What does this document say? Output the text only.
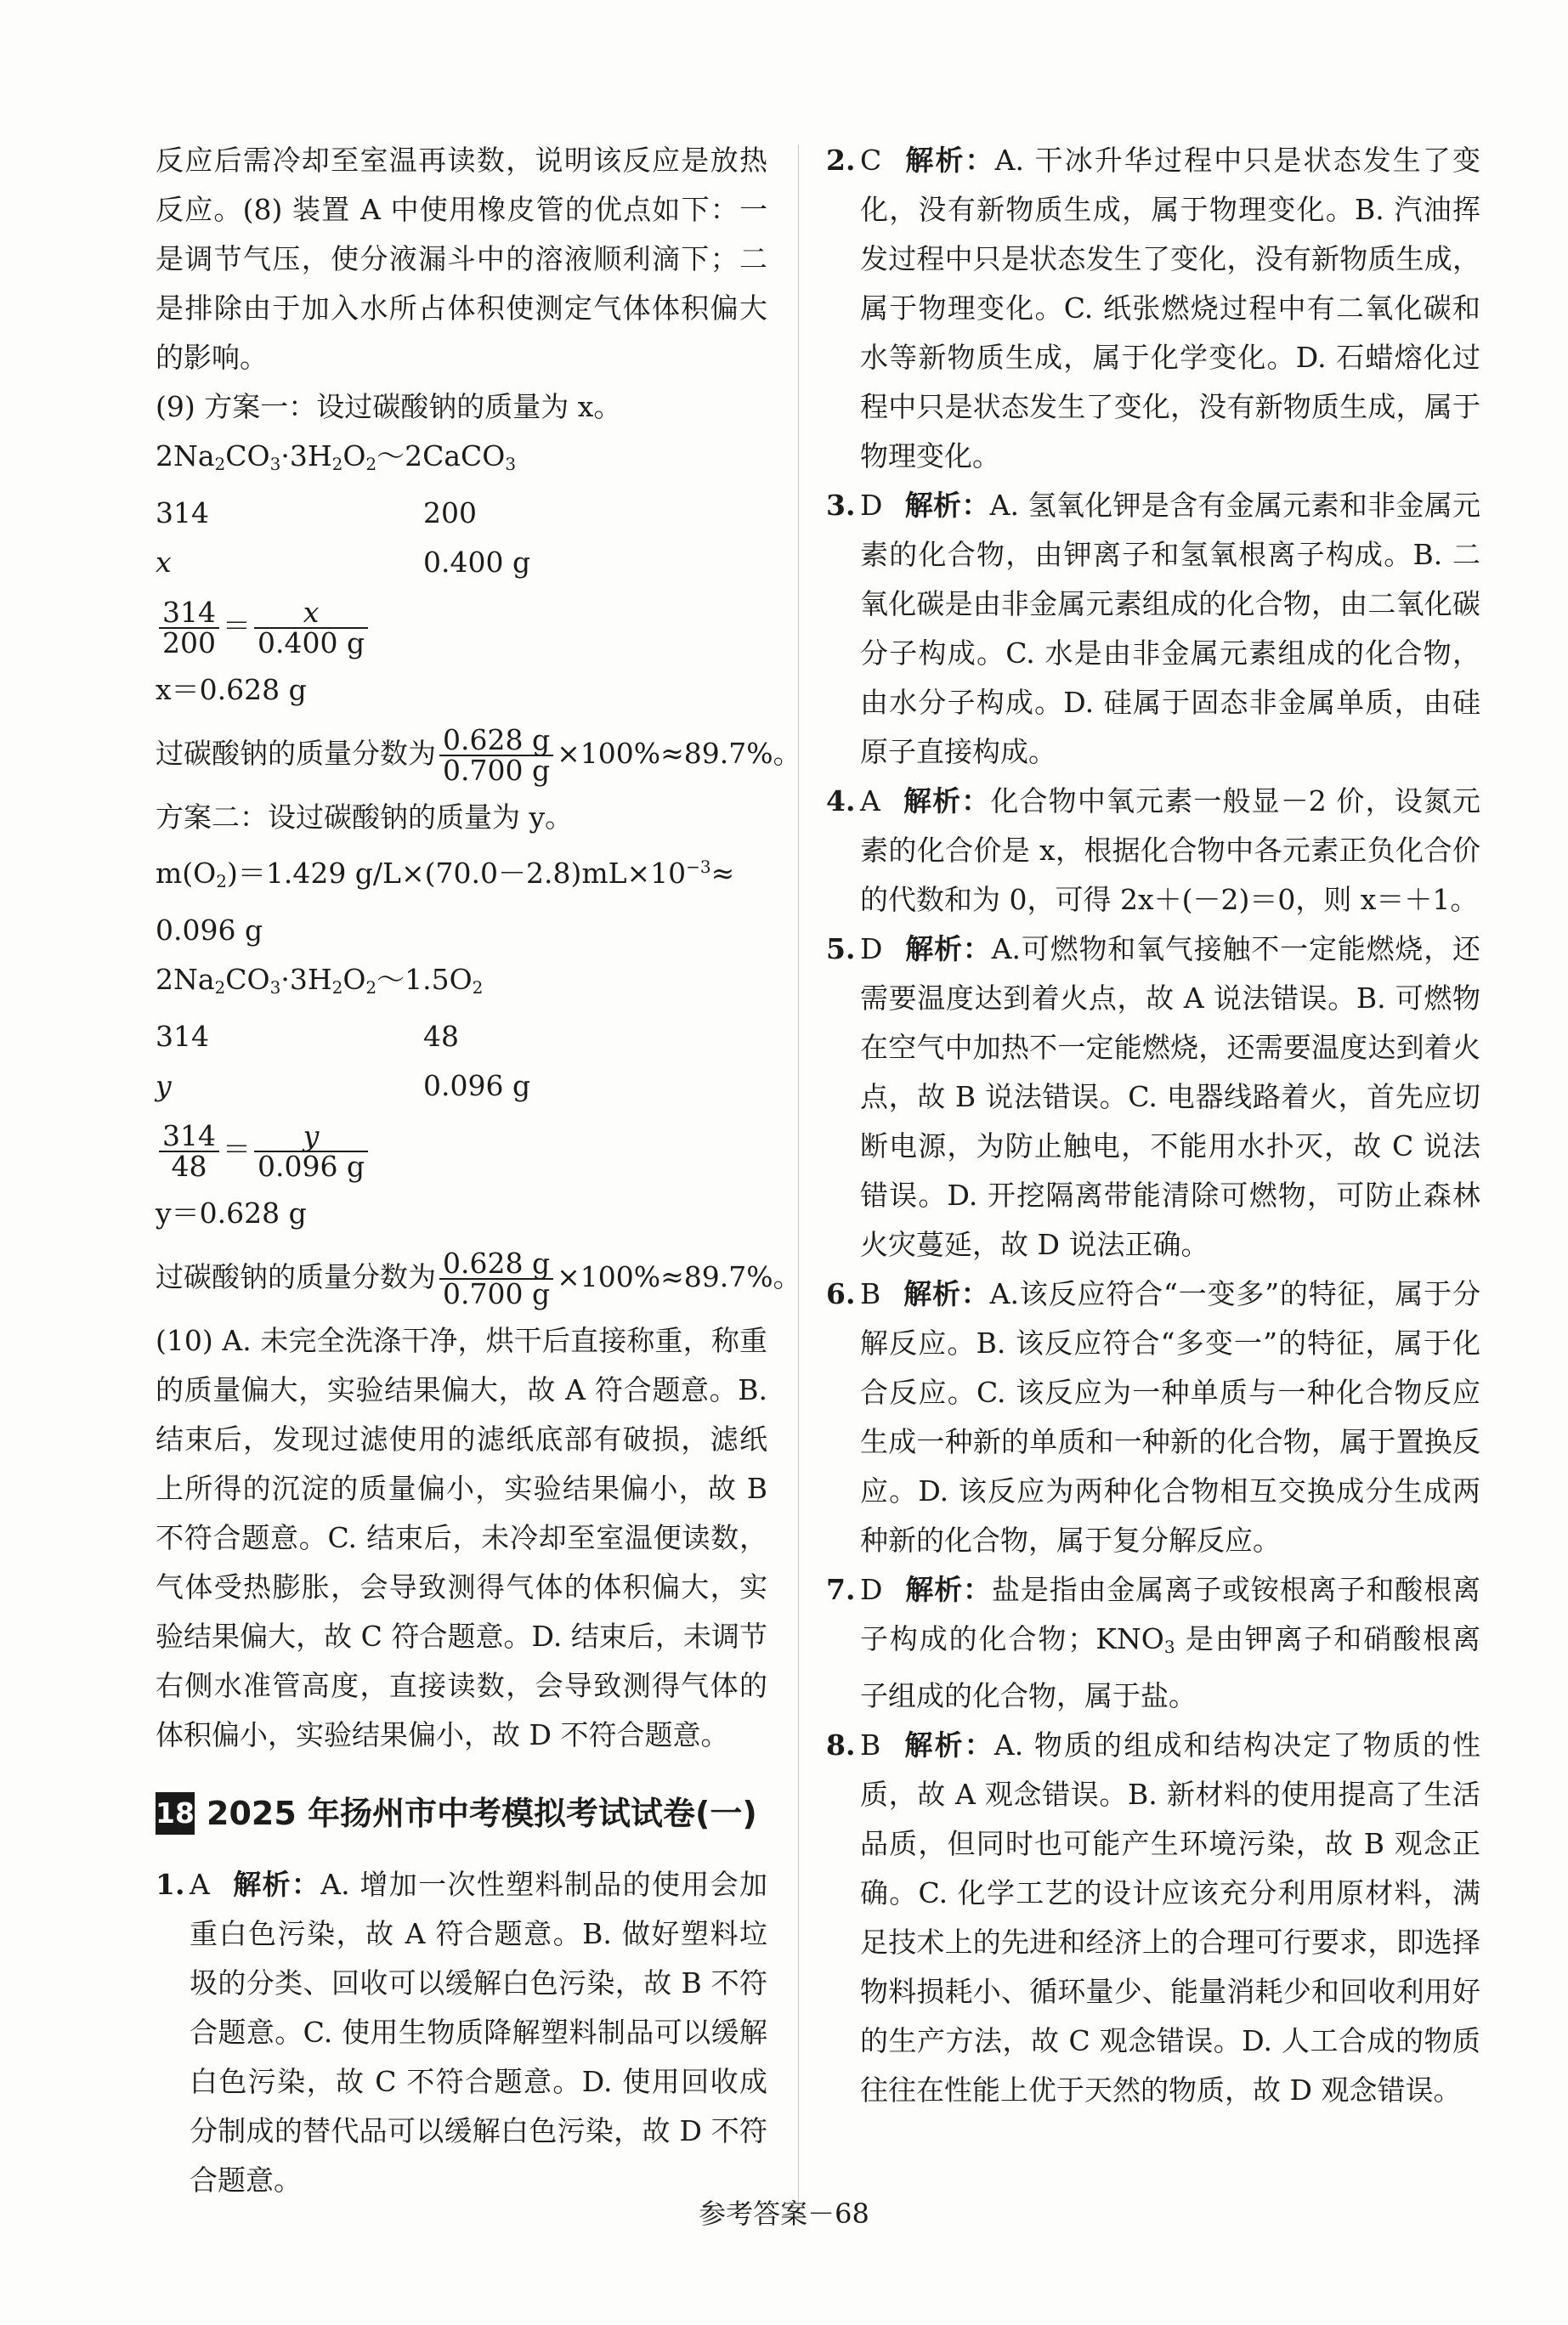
反应后需冷却至室温再读数，说明该反应是放热反应。(8) 装置 A 中使用橡皮管的优点如下：一是调节气压，使分液漏斗中的溶液顺利滴下；二是排除由于加入水所占体积使测定气体体积偏大的影响。

(9) 方案一：设过碳酸钠的质量为 x。

$2Na_2CO_3\cdot 3H_2O_2\sim 2CaCO_3$

314	200

x	0.400 g

$\frac{314}{200} = \frac{x}{0.400 g}$

x＝0.628 g

过碳酸钠的质量分数为 $\frac{0.628 g}{0.700 g} \times 100\%\approx 89.7\%$。

方案二：设过碳酸钠的质量为 y。

$m(O_2)=1.429$ $g/L\times(70.0-2.8)mL\times 10^{-3}\approx$

0.096 g

$2Na_2CO_3\cdot 3H_2O_2\sim 1.5O_2$

314	48

y	0.096 g

$\frac{314}{48} = \frac{y}{0.096 g}$

y＝0.628 g

过碳酸钠的质量分数为 $\frac{0.628 g}{0.700 g} \times 100\%\approx 89.7\%$。

(10) A. 未完全洗涤干净，烘干后直接称重，称重的质量偏大，实验结果偏大，故 A 符合题意。B. 结束后，发现过滤使用的滤纸底部有破损，滤纸上所得的沉淀的质量偏小，实验结果偏小，故 B 不符合题意。C. 结束后，未冷却至室温便读数，气体受热膨胀，会导致测得气体的体积偏大，实验结果偏大，故 C 符合题意。D. 结束后，未调节右侧水准管高度，直接读数，会导致测得气体的体积偏小，实验结果偏小，故 D 不符合题意。

18 2025 年扬州市中考模拟考试试卷(一)
1. A 解析：A. 增加一次性塑料制品的使用会加重白色污染，故 A 符合题意。B. 做好塑料垃圾的分类、回收可以缓解白色污染，故 B 不符合题意。C. 使用生物质降解塑料制品可以缓解白色污染，故 C 不符合题意。D. 使用回收成分制成的替代品可以缓解白色污染，故 D 不符合题意。
2. C 解析：A. 干冰升华过程中只是状态发生了变化，没有新物质生成，属于物理变化。B. 汽油挥发过程中只是状态发生了变化，没有新物质生成，属于物理变化。C. 纸张燃烧过程中有二氧化碳和水等新物质生成，属于化学变化。D. 石蜡熔化过程中只是状态发生了变化，没有新物质生成，属于物理变化。
3. D 解析：A. 氢氧化钾是含有金属元素和非金属元素的化合物，由钾离子和氢氧根离子构成。B. 二氧化碳是由非金属元素组成的化合物，由二氧化碳分子构成。C. 水是由非金属元素组成的化合物，由水分子构成。D. 硅属于固态非金属单质，由硅原子直接构成。
4. A 解析：化合物中氧元素一般显－2 价，设氮元素的化合价是 x，根据化合物中各元素正负化合价的代数和为 0，可得 2x＋(－2)＝0，则 x＝＋1。
5. D 解析：A.可燃物和氧气接触不一定能燃烧，还需要温度达到着火点，故 A 说法错误。B. 可燃物在空气中加热不一定能燃烧，还需要温度达到着火点，故 B 说法错误。C. 电器线路着火，首先应切断电源，为防止触电，不能用水扑灭，故 C 说法错误。D. 开挖隔离带能清除可燃物，可防止森林火灾蔓延，故 D 说法正确。
6. B 解析：A.该反应符合“一变多”的特征，属于分解反应。B. 该反应符合“多变一”的特征，属于化合反应。C. 该反应为一种单质与一种化合物反应生成一种新的单质和一种新的化合物，属于置换反应。D. 该反应为两种化合物相互交换成分生成两种新的化合物，属于复分解反应。
7. D 解析：盐是指由金属离子或铵根离子和酸根离子构成的化合物；$KNO_3$ 是由钾离子和硝酸根离子组成的化合物，属于盐。
8. B 解析：A. 物质的组成和结构决定了物质的性质，故 A 观念错误。B. 新材料的使用提高了生活品质，但同时也可能产生环境污染，故 B 观念正确。C. 化学工艺的设计应该充分利用原材料，满足技术上的先进和经济上的合理可行要求，即选择物料损耗小、循环量少、能量消耗少和回收利用好的生产方法，故 C 观念错误。D. 人工合成的物质往往在性能上优于天然的物质，故 D 观念错误。
参考答案－68
